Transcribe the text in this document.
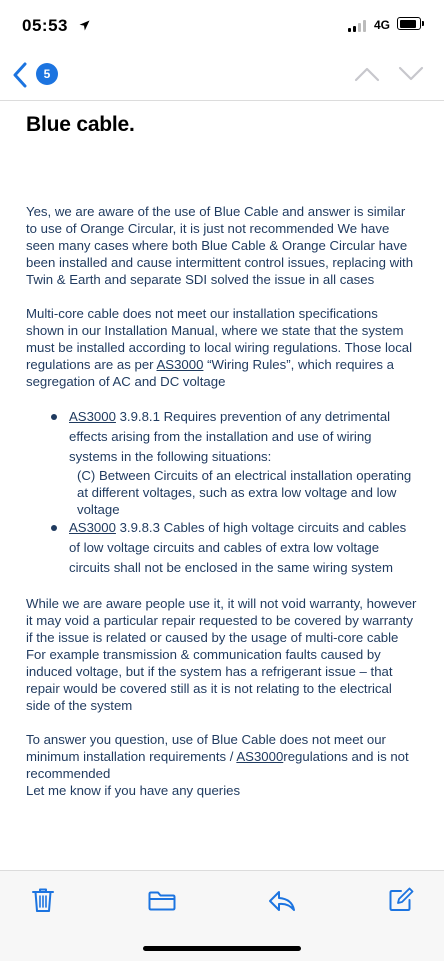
05:53	4G
5
Blue cable.

Yes, we are aware of the use of Blue Cable and answer is similar to use of Orange Circular, it is just not recommended We have seen many cases where both Blue Cable & Orange Circular have been installed and cause intermittent control issues, replacing with Twin & Earth and separate SDI solved the issue in all cases

Multi-core cable does not meet our installation specifications shown in our Installation Manual, where we state that the system must be installed according to local wiring regulations. Those local regulations are as per AS3000 “Wiring Rules”, which requires a segregation of AC and DC voltage

AS3000 3.9.8.1 Requires prevention of any detrimental effects arising from the installation and use of wiring systems in the following situations:
(C) Between Circuits of an electrical installation operating at different voltages, such as extra low voltage and low voltage
AS3000 3.9.8.3 Cables of high voltage circuits and cables of low voltage circuits and cables of extra low voltage circuits shall not be enclosed in the same wiring system

While we are aware people use it, it will not void warranty, however it may void a particular repair requested to be covered by warranty if the issue is related or caused by the usage of multi-core cable
For example transmission & communication faults caused by induced voltage, but if the system has a refrigerant issue – that repair would be covered still as it is not relating to the electrical side of the system

To answer you question, use of Blue Cable does not meet our minimum installation requirements / AS3000regulations and is not recommended
Let me know if you have any queries
